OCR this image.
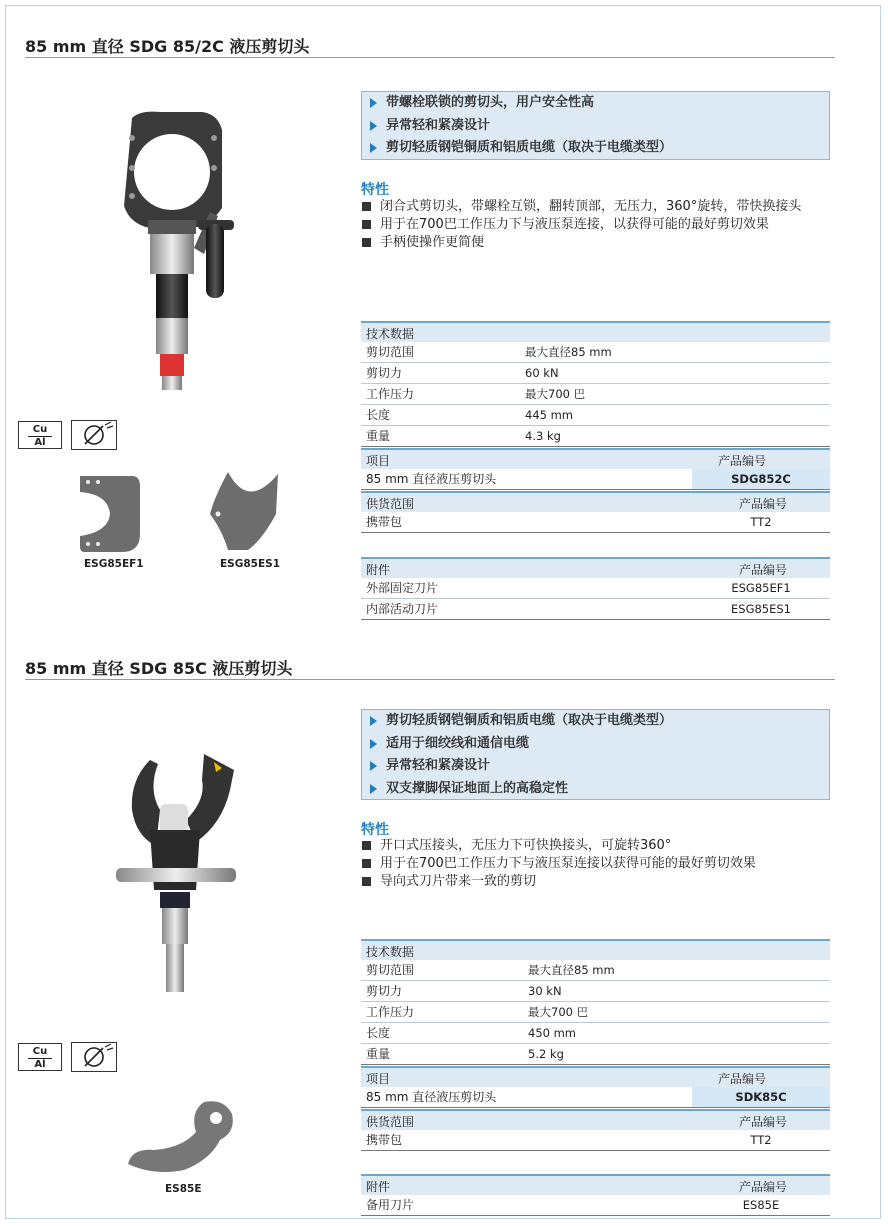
85 mm 直径 SDG 85/2C 液压剪切头
Cu
Al
ESG85EF1	ESG85ES1
带螺栓联锁的剪切头，用户安全性高
异常轻和紧凑设计
剪切轻质钢铠铜质和铝质电缆（取决于电缆类型）
特性
闭合式剪切头，带螺栓互锁，翻转顶部，无压力，360°旋转，带快换接头
用于在700巴工作压力下与液压泵连接，以获得可能的最好剪切效果
手柄使操作更简便
技术数据
剪切范围	最大直径85 mm
剪切力	60 kN
工作压力	最大700 巴
长度	445 mm
重量	4.3 kg
项目	产品编号
85 mm 直径液压剪切头	SDG852C
供货范围	产品编号
携带包	TT2
附件	产品编号
外部固定刀片	ESG85EF1
内部活动刀片	ESG85ES1
85 mm 直径 SDG 85C 液压剪切头
Cu
Al
ES85E
剪切轻质钢铠铜质和铝质电缆（取决于电缆类型）
适用于细绞线和通信电缆
异常轻和紧凑设计
双支撑脚保证地面上的高稳定性
特性
开口式压接头，无压力下可快换接头，可旋转360°
用于在700巴工作压力下与液压泵连接以获得可能的最好剪切效果
导向式刀片带来一致的剪切
技术数据
剪切范围	最大直径85 mm
剪切力	30 kN
工作压力	最大700 巴
长度	450 mm
重量	5.2 kg
项目	产品编号
85 mm 直径液压剪切头	SDK85C
供货范围	产品编号
携带包	TT2
附件	产品编号
备用刀片	ES85E
